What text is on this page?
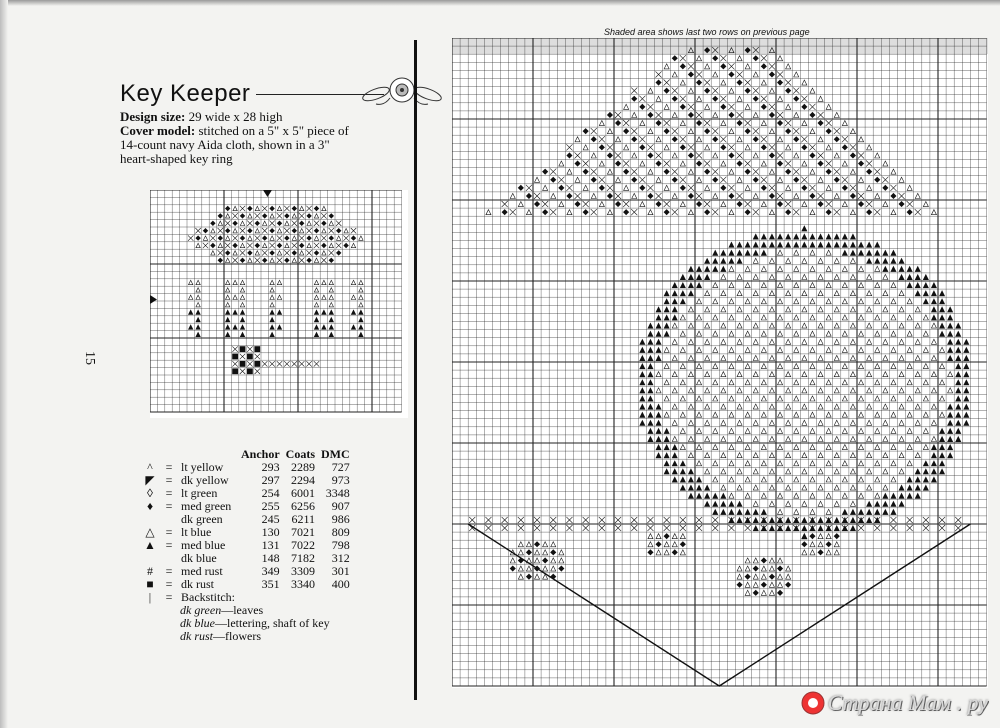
Key Keeper
Design size: 29 wide x 28 high
Cover model: stitched on a 5" x 5" piece of 14-count navy Aida cloth, shown in a 3" heart-shaped key ring
15
			Anchor	Coats	DMC
^	=	lt yellow	293	2289	727
◤	=	dk yellow	297	2294	973
◊	=	lt green	254	6001	3348
♦	=	med green	255	6256	907
		dk green	245	6211	986
△	=	lt blue	130	7021	809
▲	=	med blue	131	7022	798
		dk blue	148	7182	312
#	=	med rust	349	3309	301
■	=	dk rust	351	3340	400
|	=	Backstitch:			
dk green—leaves
dk blue—lettering, shaft of key
dk rust—flowers
Shaded area shows last two rows on previous page
Страна Мам . ру
